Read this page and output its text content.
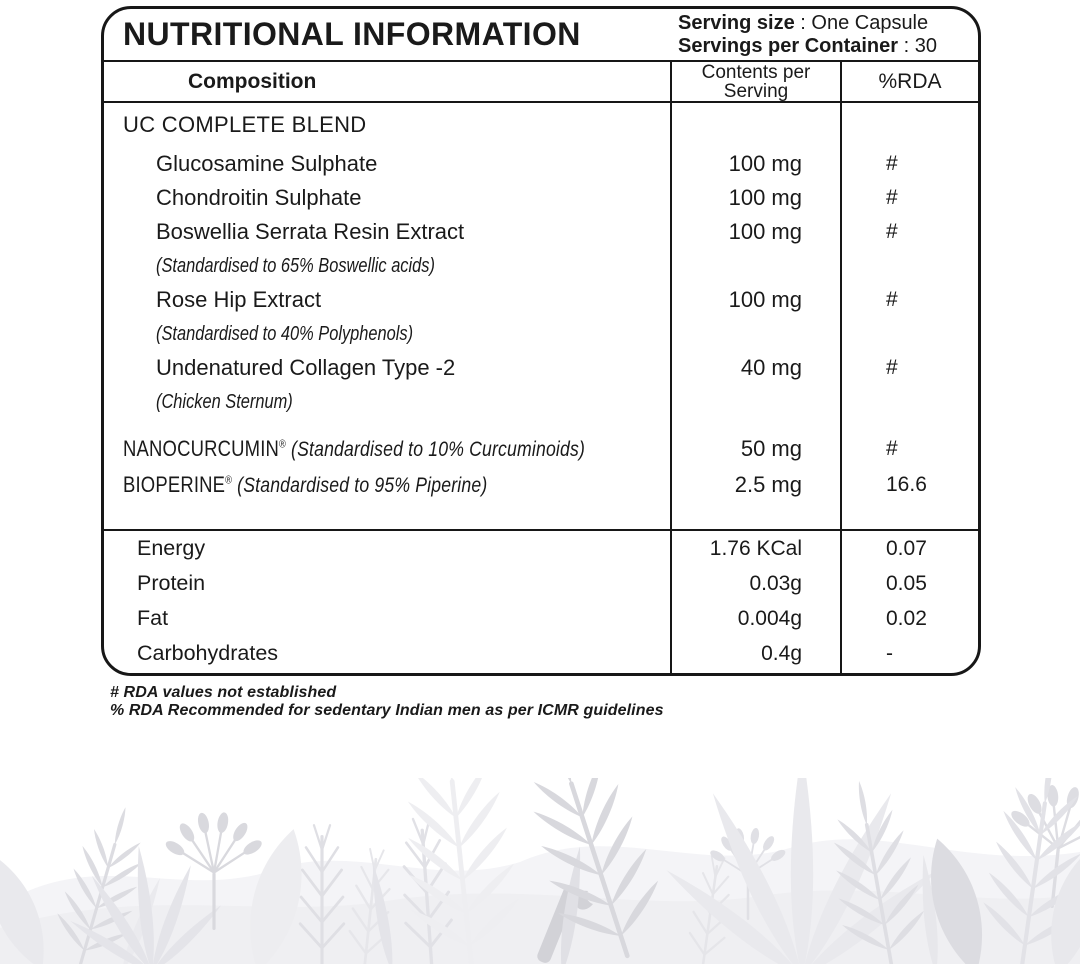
NUTRITIONAL INFORMATION	Serving size : One Capsule
Servings per Container : 30
Composition	Contents per Serving	%RDA
UC COMPLETE BLEND
Glucosamine Sulphate	100 mg	#
Chondroitin Sulphate	100 mg	#
Boswellia Serrata Resin Extract	100 mg	#
(Standardised to 65% Boswellic acids)
Rose Hip Extract	100 mg	#
(Standardised to 40% Polyphenols)
Undenatured Collagen Type -2	40 mg	#
(Chicken Sternum)
NANOCURCUMIN® (Standardised to 10% Curcuminoids)	50 mg	#
BIOPERINE® (Standardised to 95% Piperine)	2.5 mg	16.6
Energy	1.76 KCal	0.07
Protein	0.03g	0.05
Fat	0.004g	0.02
Carbohydrates	0.4g	-
# RDA values not established
% RDA Recommended for sedentary Indian men as per ICMR guidelines
